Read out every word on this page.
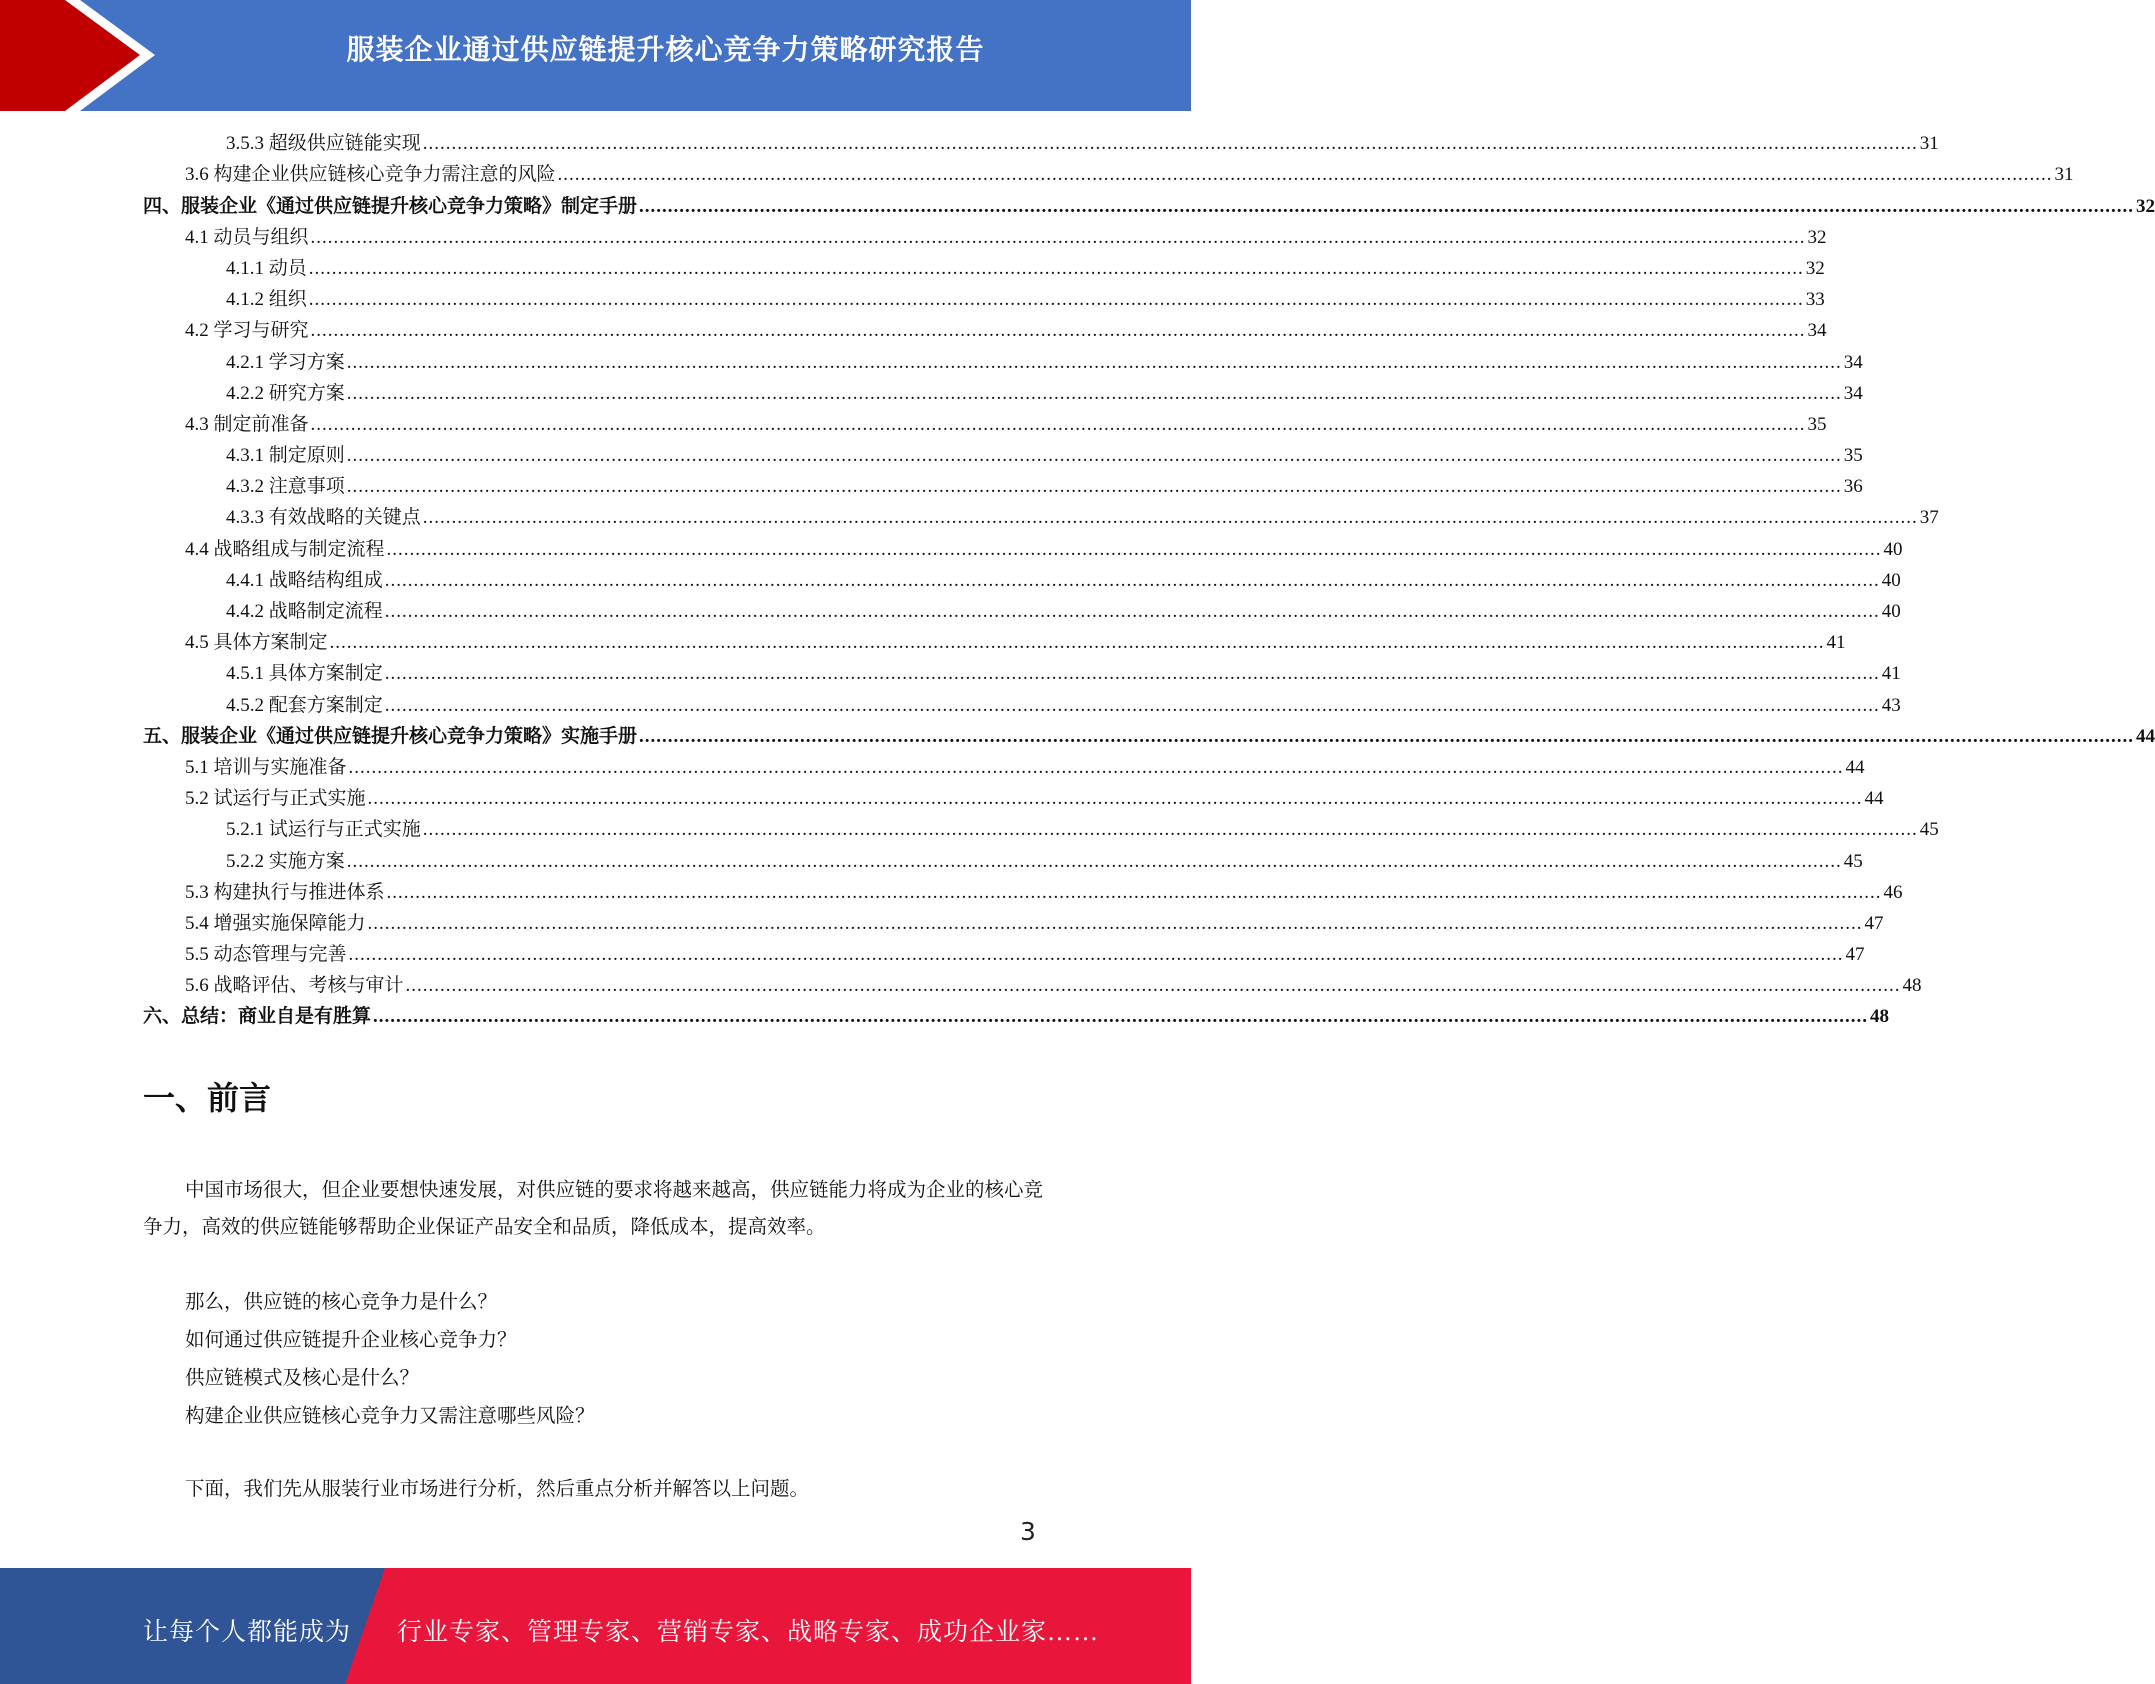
服装企业通过供应链提升核心竞争力策略研究报告
3.5.3 超级供应链能实现 .................................................................................................................................................................................................................................................................... 31
3.6 构建企业供应链核心竞争力需注意的风险 .................................................................................................................................................................................................................................................................... 31
四、服装企业《通过供应链提升核心竞争力策略》制定手册 .................................................................................................................................................................................................................................................................... 32
4.1 动员与组织 .................................................................................................................................................................................................................................................................... 32
4.1.1 动员 .................................................................................................................................................................................................................................................................... 32
4.1.2 组织 .................................................................................................................................................................................................................................................................... 33
4.2 学习与研究 .................................................................................................................................................................................................................................................................... 34
4.2.1 学习方案 .................................................................................................................................................................................................................................................................... 34
4.2.2 研究方案 .................................................................................................................................................................................................................................................................... 34
4.3 制定前准备 .................................................................................................................................................................................................................................................................... 35
4.3.1 制定原则 .................................................................................................................................................................................................................................................................... 35
4.3.2 注意事项 .................................................................................................................................................................................................................................................................... 36
4.3.3 有效战略的关键点 .................................................................................................................................................................................................................................................................... 37
4.4 战略组成与制定流程 .................................................................................................................................................................................................................................................................... 40
4.4.1 战略结构组成 .................................................................................................................................................................................................................................................................... 40
4.4.2 战略制定流程 .................................................................................................................................................................................................................................................................... 40
4.5 具体方案制定 .................................................................................................................................................................................................................................................................... 41
4.5.1 具体方案制定 .................................................................................................................................................................................................................................................................... 41
4.5.2 配套方案制定 .................................................................................................................................................................................................................................................................... 43
五、服装企业《通过供应链提升核心竞争力策略》实施手册 .................................................................................................................................................................................................................................................................... 44
5.1 培训与实施准备 .................................................................................................................................................................................................................................................................... 44
5.2 试运行与正式实施 .................................................................................................................................................................................................................................................................... 44
5.2.1 试运行与正式实施 .................................................................................................................................................................................................................................................................... 45
5.2.2 实施方案 .................................................................................................................................................................................................................................................................... 45
5.3 构建执行与推进体系 .................................................................................................................................................................................................................................................................... 46
5.4 增强实施保障能力 .................................................................................................................................................................................................................................................................... 47
5.5 动态管理与完善 .................................................................................................................................................................................................................................................................... 47
5.6 战略评估、考核与审计 .................................................................................................................................................................................................................................................................... 48
六、总结：商业自是有胜算 .................................................................................................................................................................................................................................................................... 48
一、前言
中国市场很大，但企业要想快速发展，对供应链的要求将越来越高，供应链能力将成为企业的核心竞争力，高效的供应链能够帮助企业保证产品安全和品质，降低成本，提高效率。
那么，供应链的核心竞争力是什么？
如何通过供应链提升企业核心竞争力？
供应链模式及核心是什么？
构建企业供应链核心竞争力又需注意哪些风险？
下面，我们先从服装行业市场进行分析，然后重点分析并解答以上问题。
3
让每个人都能成为 行业专家、管理专家、营销专家、战略专家、成功企业家……
